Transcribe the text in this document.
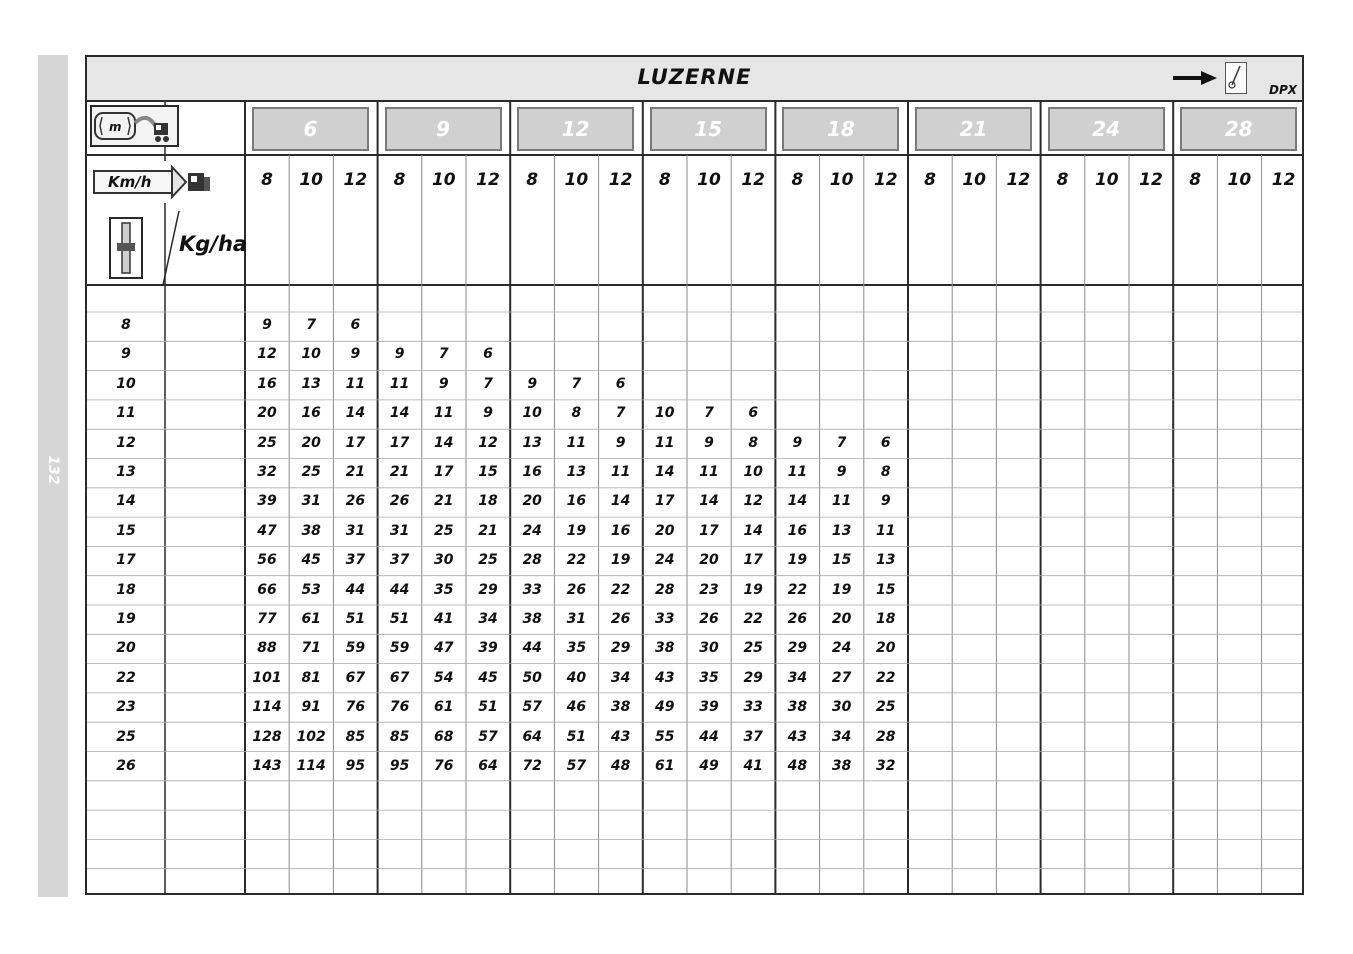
132
LUZERNE
DPX
m
Km/h
Kg/ha
6	9	12	15	18	21	24	28
8	10	12	8	10	12	8	10	12	8	10	12	8	10	12	8	10	12	8	10	12	8	10	12
8	9	7	6
9	12	10	9	9	7	6
10	16	13	11	11	9	7	9	7	6
11	20	16	14	14	11	9	10	8	7	10	7	6
12	25	20	17	17	14	12	13	11	9	11	9	8	9	7	6
13	32	25	21	21	17	15	16	13	11	14	11	10	11	9	8
14	39	31	26	26	21	18	20	16	14	17	14	12	14	11	9
15	47	38	31	31	25	21	24	19	16	20	17	14	16	13	11
17	56	45	37	37	30	25	28	22	19	24	20	17	19	15	13
18	66	53	44	44	35	29	33	26	22	28	23	19	22	19	15
19	77	61	51	51	41	34	38	31	26	33	26	22	26	20	18
20	88	71	59	59	47	39	44	35	29	38	30	25	29	24	20
22	101	81	67	67	54	45	50	40	34	43	35	29	34	27	22
23	114	91	76	76	61	51	57	46	38	49	39	33	38	30	25
25	128	102	85	85	68	57	64	51	43	55	44	37	43	34	28
26	143	114	95	95	76	64	72	57	48	61	49	41	48	38	32
